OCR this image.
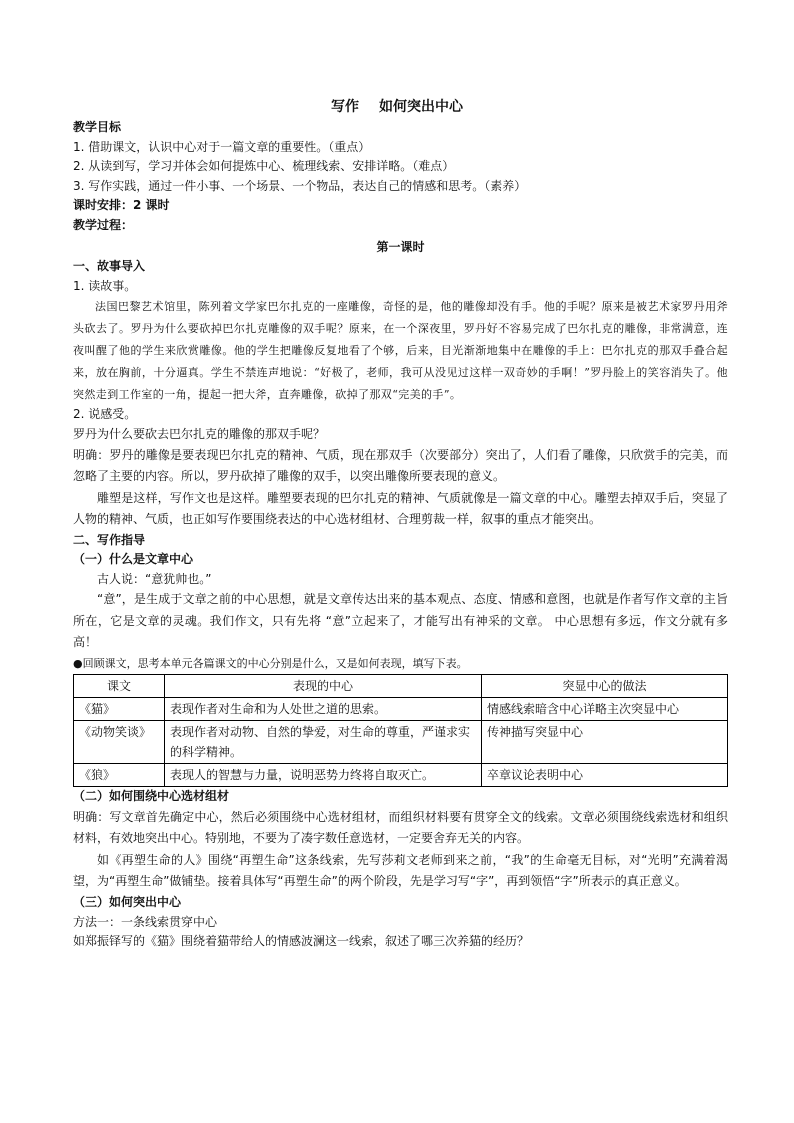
写作 如何突出中心
教学目标
1. 借助课文，认识中心对于一篇文章的重要性。（重点）
2. 从读到写，学习并体会如何提炼中心、梳理线索、安排详略。（难点）
3. 写作实践，通过一件小事、一个场景、一个物品，表达自己的情感和思考。（素养）
课时安排：2 课时
教学过程：
第一课时
一、故事导入
1. 读故事。
法国巴黎艺术馆里，陈列着文学家巴尔扎克的一座雕像，奇怪的是，他的雕像却没有手。他的手呢？原来是被艺术家罗丹用斧头砍去了。罗丹为什么要砍掉巴尔扎克雕像的双手呢？原来，在一个深夜里，罗丹好不容易完成了巴尔扎克的雕像，非常满意，连夜叫醒了他的学生来欣赏雕像。他的学生把雕像反复地看了个够，后来，目光渐渐地集中在雕像的手上：巴尔扎克的那双手叠合起来，放在胸前，十分逼真。学生不禁连声地说：“好极了，老师，我可从没见过这样一双奇妙的手啊！”罗丹脸上的笑容消失了。他突然走到工作室的一角，提起一把大斧，直奔雕像，砍掉了那双“完美的手”。
2. 说感受。
罗丹为什么要砍去巴尔扎克的雕像的那双手呢？
明确：罗丹的雕像是要表现巴尔扎克的精神、气质，现在那双手（次要部分）突出了，人们看了雕像，只欣赏手的完美，而忽略了主要的内容。所以，罗丹砍掉了雕像的双手，以突出雕像所要表现的意义。
雕塑是这样，写作文也是这样。雕塑要表现的巴尔扎克的精神、气质就像是一篇文章的中心。雕塑去掉双手后，突显了人物的精神、气质，也正如写作要围绕表达的中心选材组材、合理剪裁一样，叙事的重点才能突出。
二、写作指导
（一）什么是文章中心
古人说：“意犹帅也。”
“意”，是生成于文章之前的中心思想，就是文章传达出来的基本观点、态度、情感和意图，也就是作者写作文章的主旨所在，它是文章的灵魂。我们作文，只有先将 “意”立起来了，才能写出有神采的文章。 中心思想有多远，作文分就有多高！
●回顾课文，思考本单元各篇课文的中心分别是什么，又是如何表现，填写下表。
课文	表现的中心	突显中心的做法
《猫》	表现作者对生命和为人处世之道的思索。	情感线索暗含中心详略主次突显中心
《动物笑谈》	表现作者对动物、自然的挚爱，对生命的尊重，严谨求实的科学精神。	传神描写突显中心
《狼》	表现人的智慧与力量，说明恶势力终将自取灭亡。	卒章议论表明中心
（二）如何围绕中心选材组材
明确：写文章首先确定中心，然后必须围绕中心选材组材，而组织材料要有贯穿全文的线索。文章必须围绕线索选材和组织材料，有效地突出中心。特别地，不要为了凑字数任意选材，一定要舍弃无关的内容。
如《再塑生命的人》围绕“再塑生命”这条线索，先写莎莉文老师到来之前，“我”的生命毫无目标，对“光明”充满着渴望，为“再塑生命”做铺垫。接着具体写“再塑生命”的两个阶段，先是学习写“字”，再到领悟“字”所表示的真正意义。
（三）如何突出中心
方法一：一条线索贯穿中心
如郑振铎写的《猫》围绕着猫带给人的情感波澜这一线索，叙述了哪三次养猫的经历？
